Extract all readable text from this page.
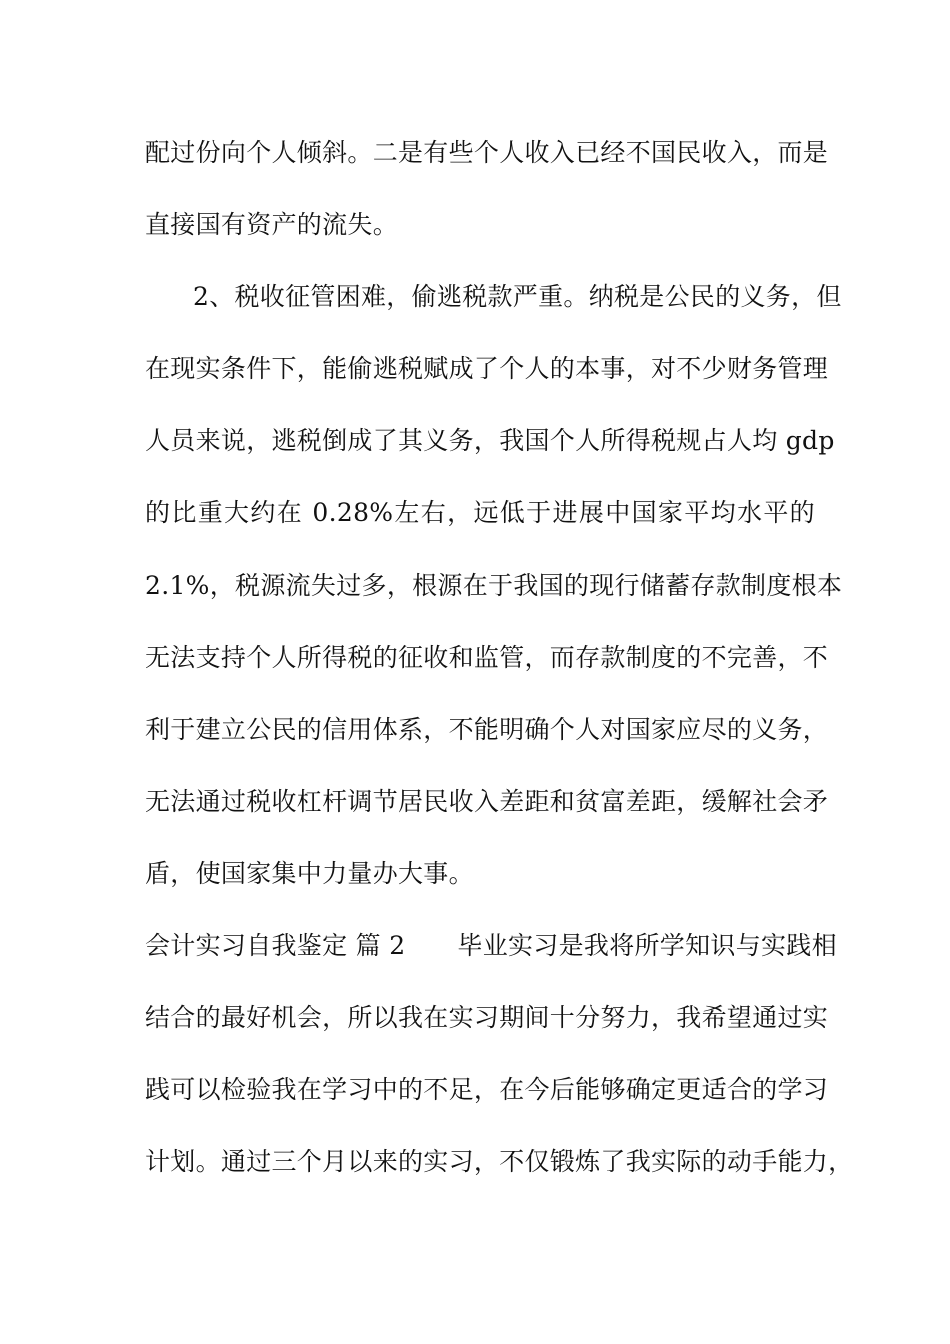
配过份向个人倾斜。二是有些个人收入已经不国民收入，而是
直接国有资产的流失。
2、税收征管困难，偷逃税款严重。纳税是公民的义务，但
在现实条件下，能偷逃税赋成了个人的本事，对不少财务管理
人员来说，逃税倒成了其义务，我国个人所得税规占人均 gdp
的比重大约在 0.28%左右，远低于进展中国家平均水平的
2.1%，税源流失过多，根源在于我国的现行储蓄存款制度根本
无法支持个人所得税的征收和监管，而存款制度的不完善，不
利于建立公民的信用体系，不能明确个人对国家应尽的义务，
无法通过税收杠杆调节居民收入差距和贫富差距，缓解社会矛
盾，使国家集中力量办大事。
会计实习自我鉴定 篇 2 毕业实习是我将所学知识与实践相
结合的最好机会，所以我在实习期间十分努力，我希望通过实
践可以检验我在学习中的不足，在今后能够确定更适合的学习
计划。通过三个月以来的实习，不仅锻炼了我实际的动手能力，
